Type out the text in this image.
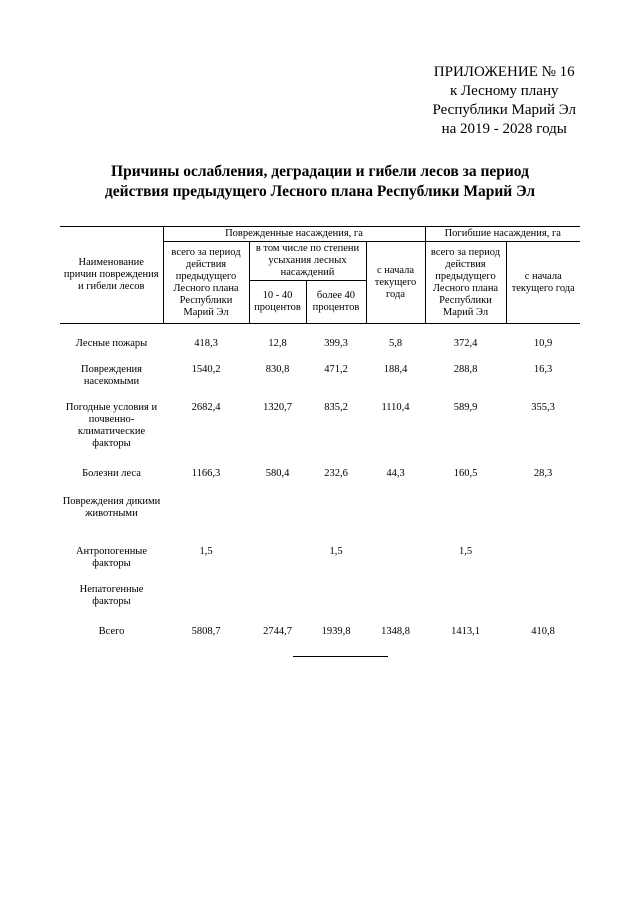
ПРИЛОЖЕНИЕ № 16
к Лесному плану
Республики Марий Эл
на 2019 - 2028 годы
Причины ослабления, деградации и гибели лесов за период
действия предыдущего Лесного плана Республики Марий Эл
Наименование причин повреждения и гибели лесов	Поврежденные насаждения, га				Погибшие насаждения, га	
	всего за период действия предыдущего Лесного плана Республики Марий Эл	в том числе по степени усыхания лесных насаждений		с начала текущего года	всего за период действия предыдущего Лесного плана Республики Марий Эл	с начала текущего года
		10 - 40 процентов	более 40 процентов			
Лесные пожары	418,3	12,8	399,3	5,8	372,4	10,9
Повреждения насекомыми	1540,2	830,8	471,2	188,4	288,8	16,3
Погодные условия и почвенно-климатические факторы	2682,4	1320,7	835,2	1110,4	589,9	355,3
Болезни леса	1166,3	580,4	232,6	44,3	160,5	28,3
Повреждения дикими животными						
Антропогенные факторы	1,5		1,5		1,5	
Непатогенные факторы						
Всего	5808,7	2744,7	1939,8	1348,8	1413,1	410,8
